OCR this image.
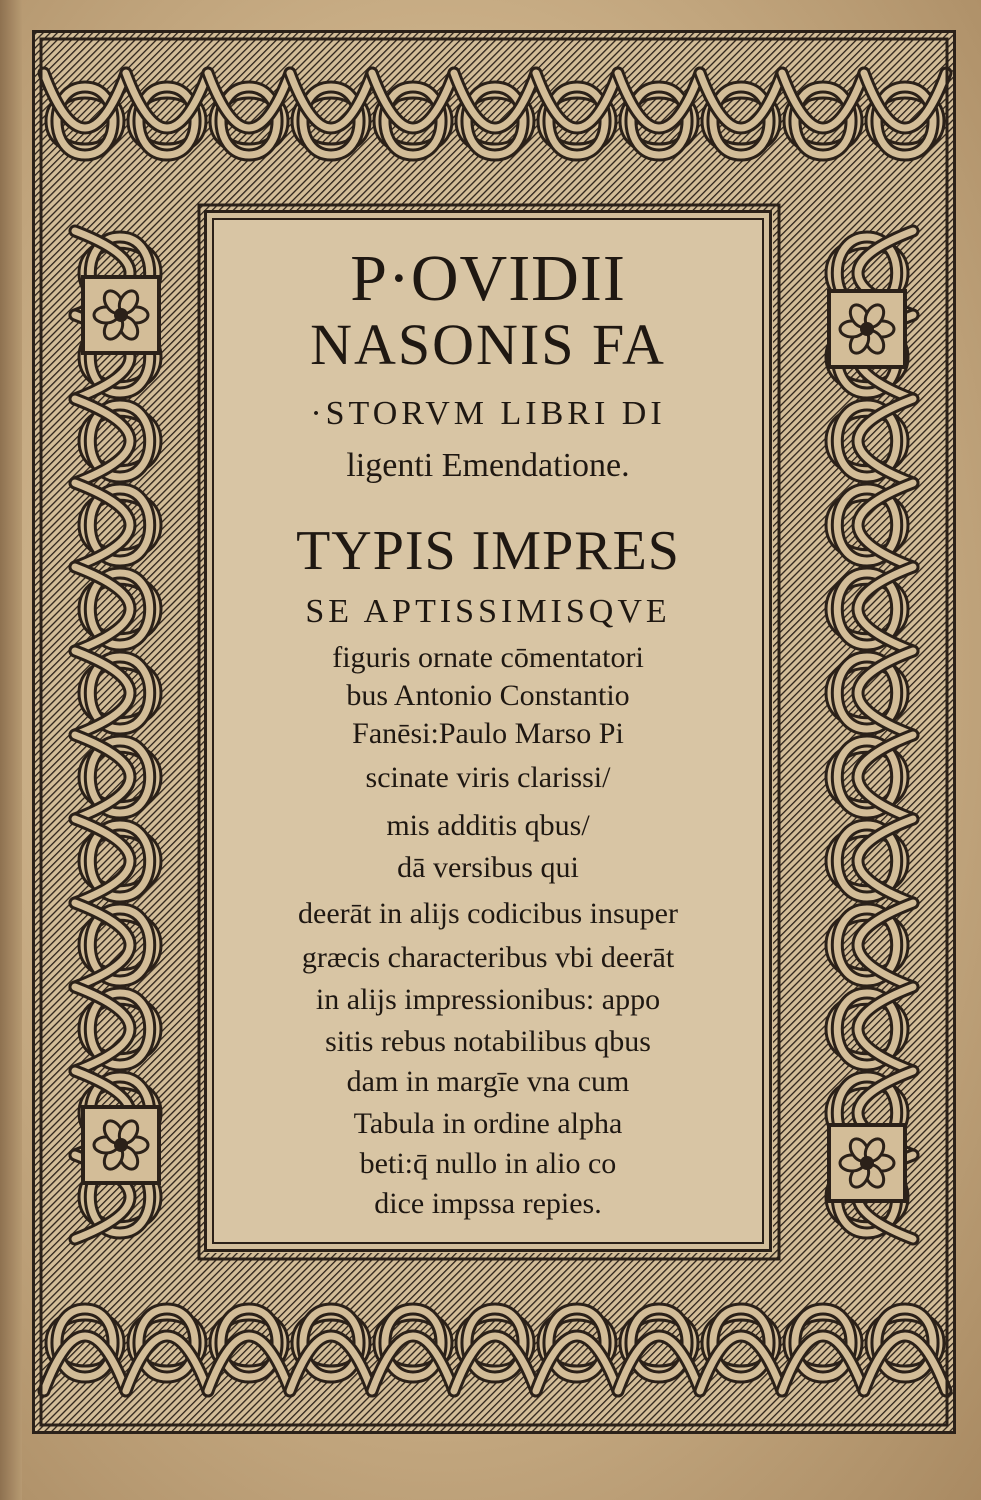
P·OVIDII
NASONIS FA
·STORVM LIBRI DI
ligenti Emendatione.
TYPIS IMPRES
SE APTISSIMISQVE
figuris ornate cōmentatori
bus Antonio Constantio
Fanēsi:Paulo Marso Pi
scinate viris clarissi/
mis additis qbus/
dā versibus qui
deerāt in alijs codicibus insuper
græcis characteribus vbi deerāt
in alijs impressionibus: appo
sitis rebus notabilibus qbus
dam in margīe vna cum
Tabula in ordine alpha
beti:q̄ nullo in alio co
dice impssa repies.
